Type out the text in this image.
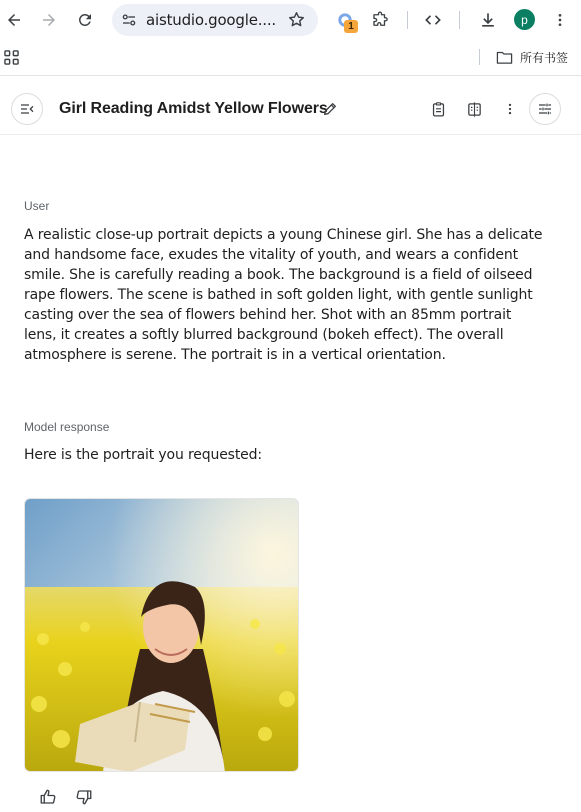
aistudio.google....	1	p
所有书签
Girl Reading Amidst Yellow Flowers
User
A realistic close-up portrait depicts a young Chinese girl. She has a delicate and handsome face, exudes the vitality of youth, and wears a confident smile. She is carefully reading a book. The background is a field of oilseed rape flowers. The scene is bathed in soft golden light, with gentle sunlight casting over the sea of flowers behind her. Shot with an 85mm portrait lens, it creates a softly blurred background (bokeh effect). The overall atmosphere is serene. The portrait is in a vertical orientation.
Model response
Here is the portrait you requested:
